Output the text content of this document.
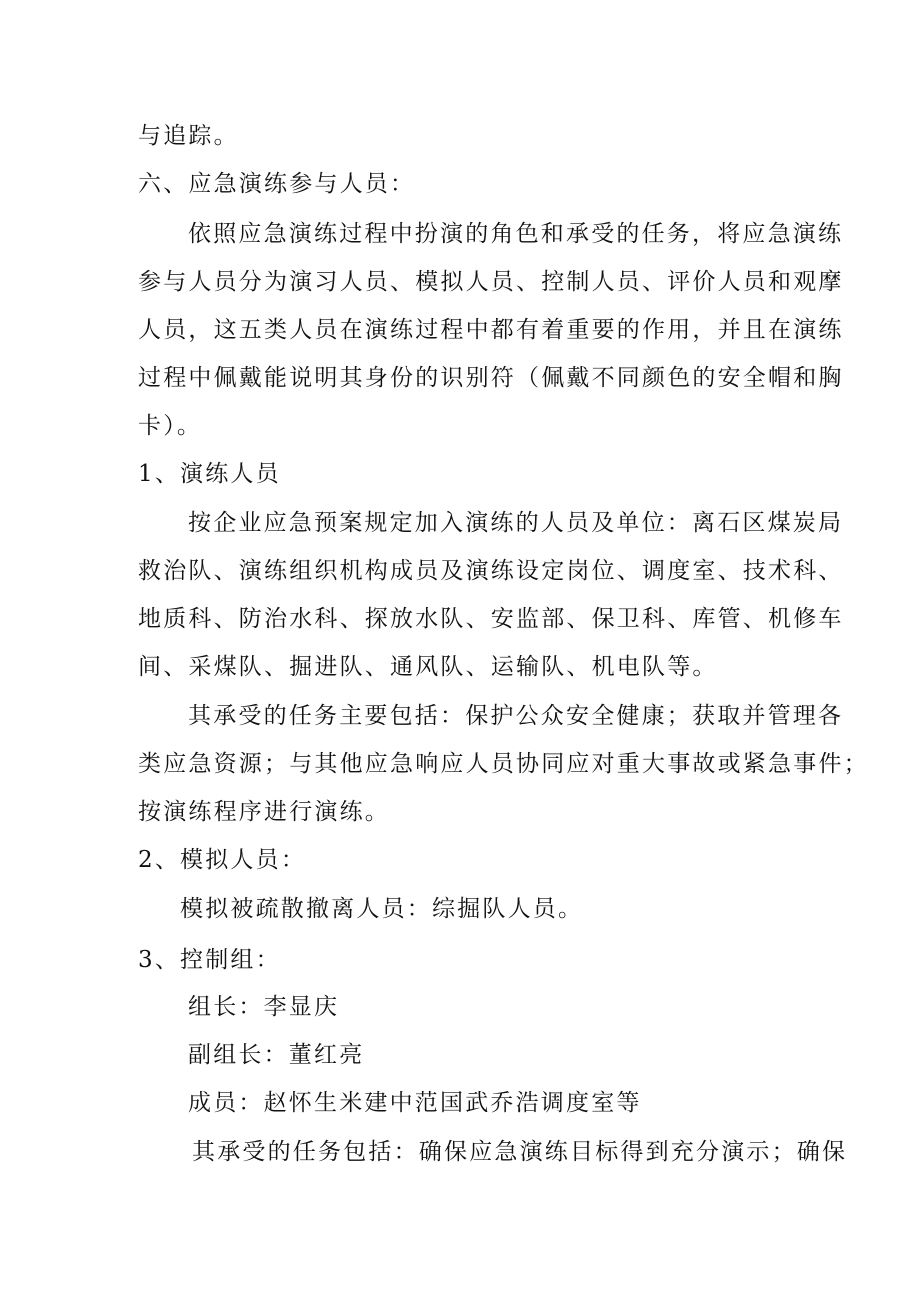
与追踪。
六、应急演练参与人员：
依照应急演练过程中扮演的角色和承受的任务，将应急演练
参与人员分为演习人员、模拟人员、控制人员、评价人员和观摩
人员，这五类人员在演练过程中都有着重要的作用，并且在演练
过程中佩戴能说明其身份的识别符（佩戴不同颜色的安全帽和胸
卡）。
1、演练人员
按企业应急预案规定加入演练的人员及单位：离石区煤炭局
救治队、演练组织机构成员及演练设定岗位、调度室、技术科、
地质科、防治水科、探放水队、安监部、保卫科、库管、机修车
间、采煤队、掘进队、通风队、运输队、机电队等。
其承受的任务主要包括：保护公众安全健康；获取并管理各
类应急资源；与其他应急响应人员协同应对重大事故或紧急事件；
按演练程序进行演练。
2、模拟人员：
模拟被疏散撤离人员：综掘队人员。
3、控制组：
组长：李显庆
副组长：董红亮
成员：赵怀生米建中范国武乔浩调度室等
其承受的任务包括：确保应急演练目标得到充分演示；确保
